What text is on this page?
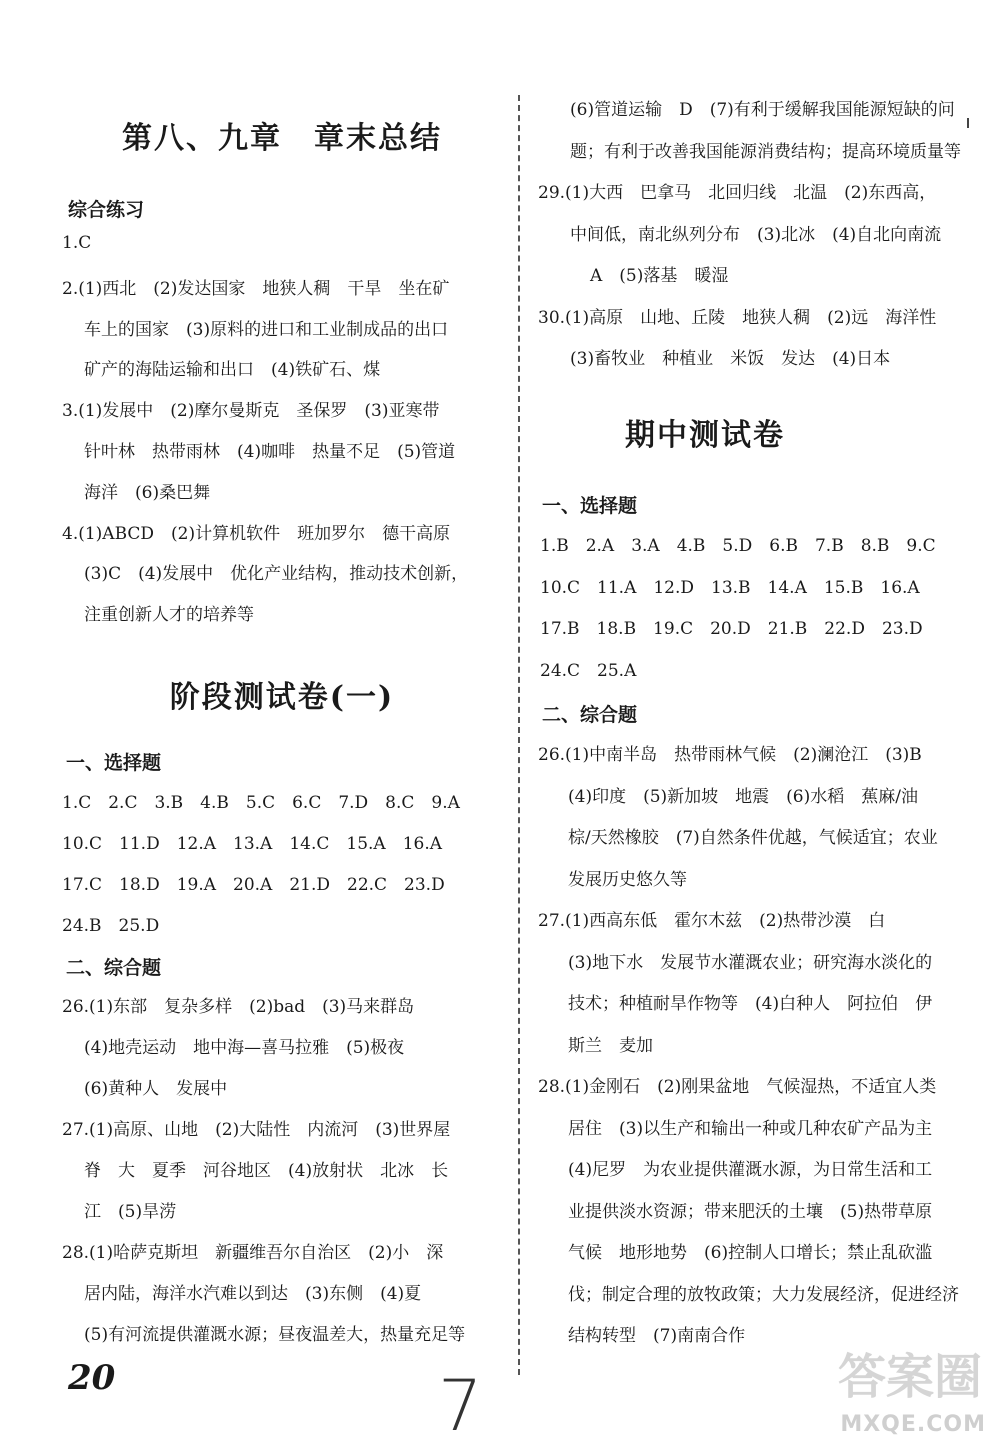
第八、九章　章末总结
综合练习
1.C
2.(1)西北　(2)发达国家　地狭人稠　干旱　坐在矿
车上的国家　(3)原料的进口和工业制成品的出口
矿产的海陆运输和出口　(4)铁矿石、煤
3.(1)发展中　(2)摩尔曼斯克　圣保罗　(3)亚寒带
针叶林　热带雨林　(4)咖啡　热量不足　(5)管道
海洋　(6)桑巴舞
4.(1)ABCD　(2)计算机软件　班加罗尔　德干高原
(3)C　(4)发展中　优化产业结构，推动技术创新，
注重创新人才的培养等
阶段测试卷(一)
一、选择题
1.C　2.C　3.B　4.B　5.C　6.C　7.D　8.C　9.A
10.C　11.D　12.A　13.A　14.C　15.A　16.A
17.C　18.D　19.A　20.A　21.D　22.C　23.D
24.B　25.D
二、综合题
26.(1)东部　复杂多样　(2)bad　(3)马来群岛
(4)地壳运动　地中海—喜马拉雅　(5)极夜
(6)黄种人　发展中
27.(1)高原、山地　(2)大陆性　内流河　(3)世界屋
脊　大　夏季　河谷地区　(4)放射状　北冰　长
江　(5)旱涝
28.(1)哈萨克斯坦　新疆维吾尔自治区　(2)小　深
居内陆，海洋水汽难以到达　(3)东侧　(4)夏
(5)有河流提供灌溉水源；昼夜温差大，热量充足等
(6)管道运输　D　(7)有利于缓解我国能源短缺的问
题；有利于改善我国能源消费结构；提高环境质量等
29.(1)大西　巴拿马　北回归线　北温　(2)东西高，
中间低，南北纵列分布　(3)北冰　(4)自北向南流
A　(5)落基　暖湿
30.(1)高原　山地、丘陵　地狭人稠　(2)远　海洋性
(3)畜牧业　种植业　米饭　发达　(4)日本
期中测试卷
一、选择题
1.B　2.A　3.A　4.B　5.D　6.B　7.B　8.B　9.C
10.C　11.A　12.D　13.B　14.A　15.B　16.A
17.B　18.B　19.C　20.D　21.B　22.D　23.D
24.C　25.A
二、综合题
26.(1)中南半岛　热带雨林气候　(2)澜沧江　(3)B
(4)印度　(5)新加坡　地震　(6)水稻　蕉麻/油
棕/天然橡胶　(7)自然条件优越，气候适宜；农业
发展历史悠久等
27.(1)西高东低　霍尔木兹　(2)热带沙漠　白
(3)地下水　发展节水灌溉农业；研究海水淡化的
技术；种植耐旱作物等　(4)白种人　阿拉伯　伊
斯兰　麦加
28.(1)金刚石　(2)刚果盆地　气候湿热，不适宜人类
居住　(3)以生产和输出一种或几种农矿产品为主
(4)尼罗　为农业提供灌溉水源，为日常生活和工
业提供淡水资源；带来肥沃的土壤　(5)热带草原
气候　地形地势　(6)控制人口增长；禁止乱砍滥
伐；制定合理的放牧政策；大力发展经济，促进经济
结构转型　(7)南南合作
20	7	答案圈
MXQE.COM
